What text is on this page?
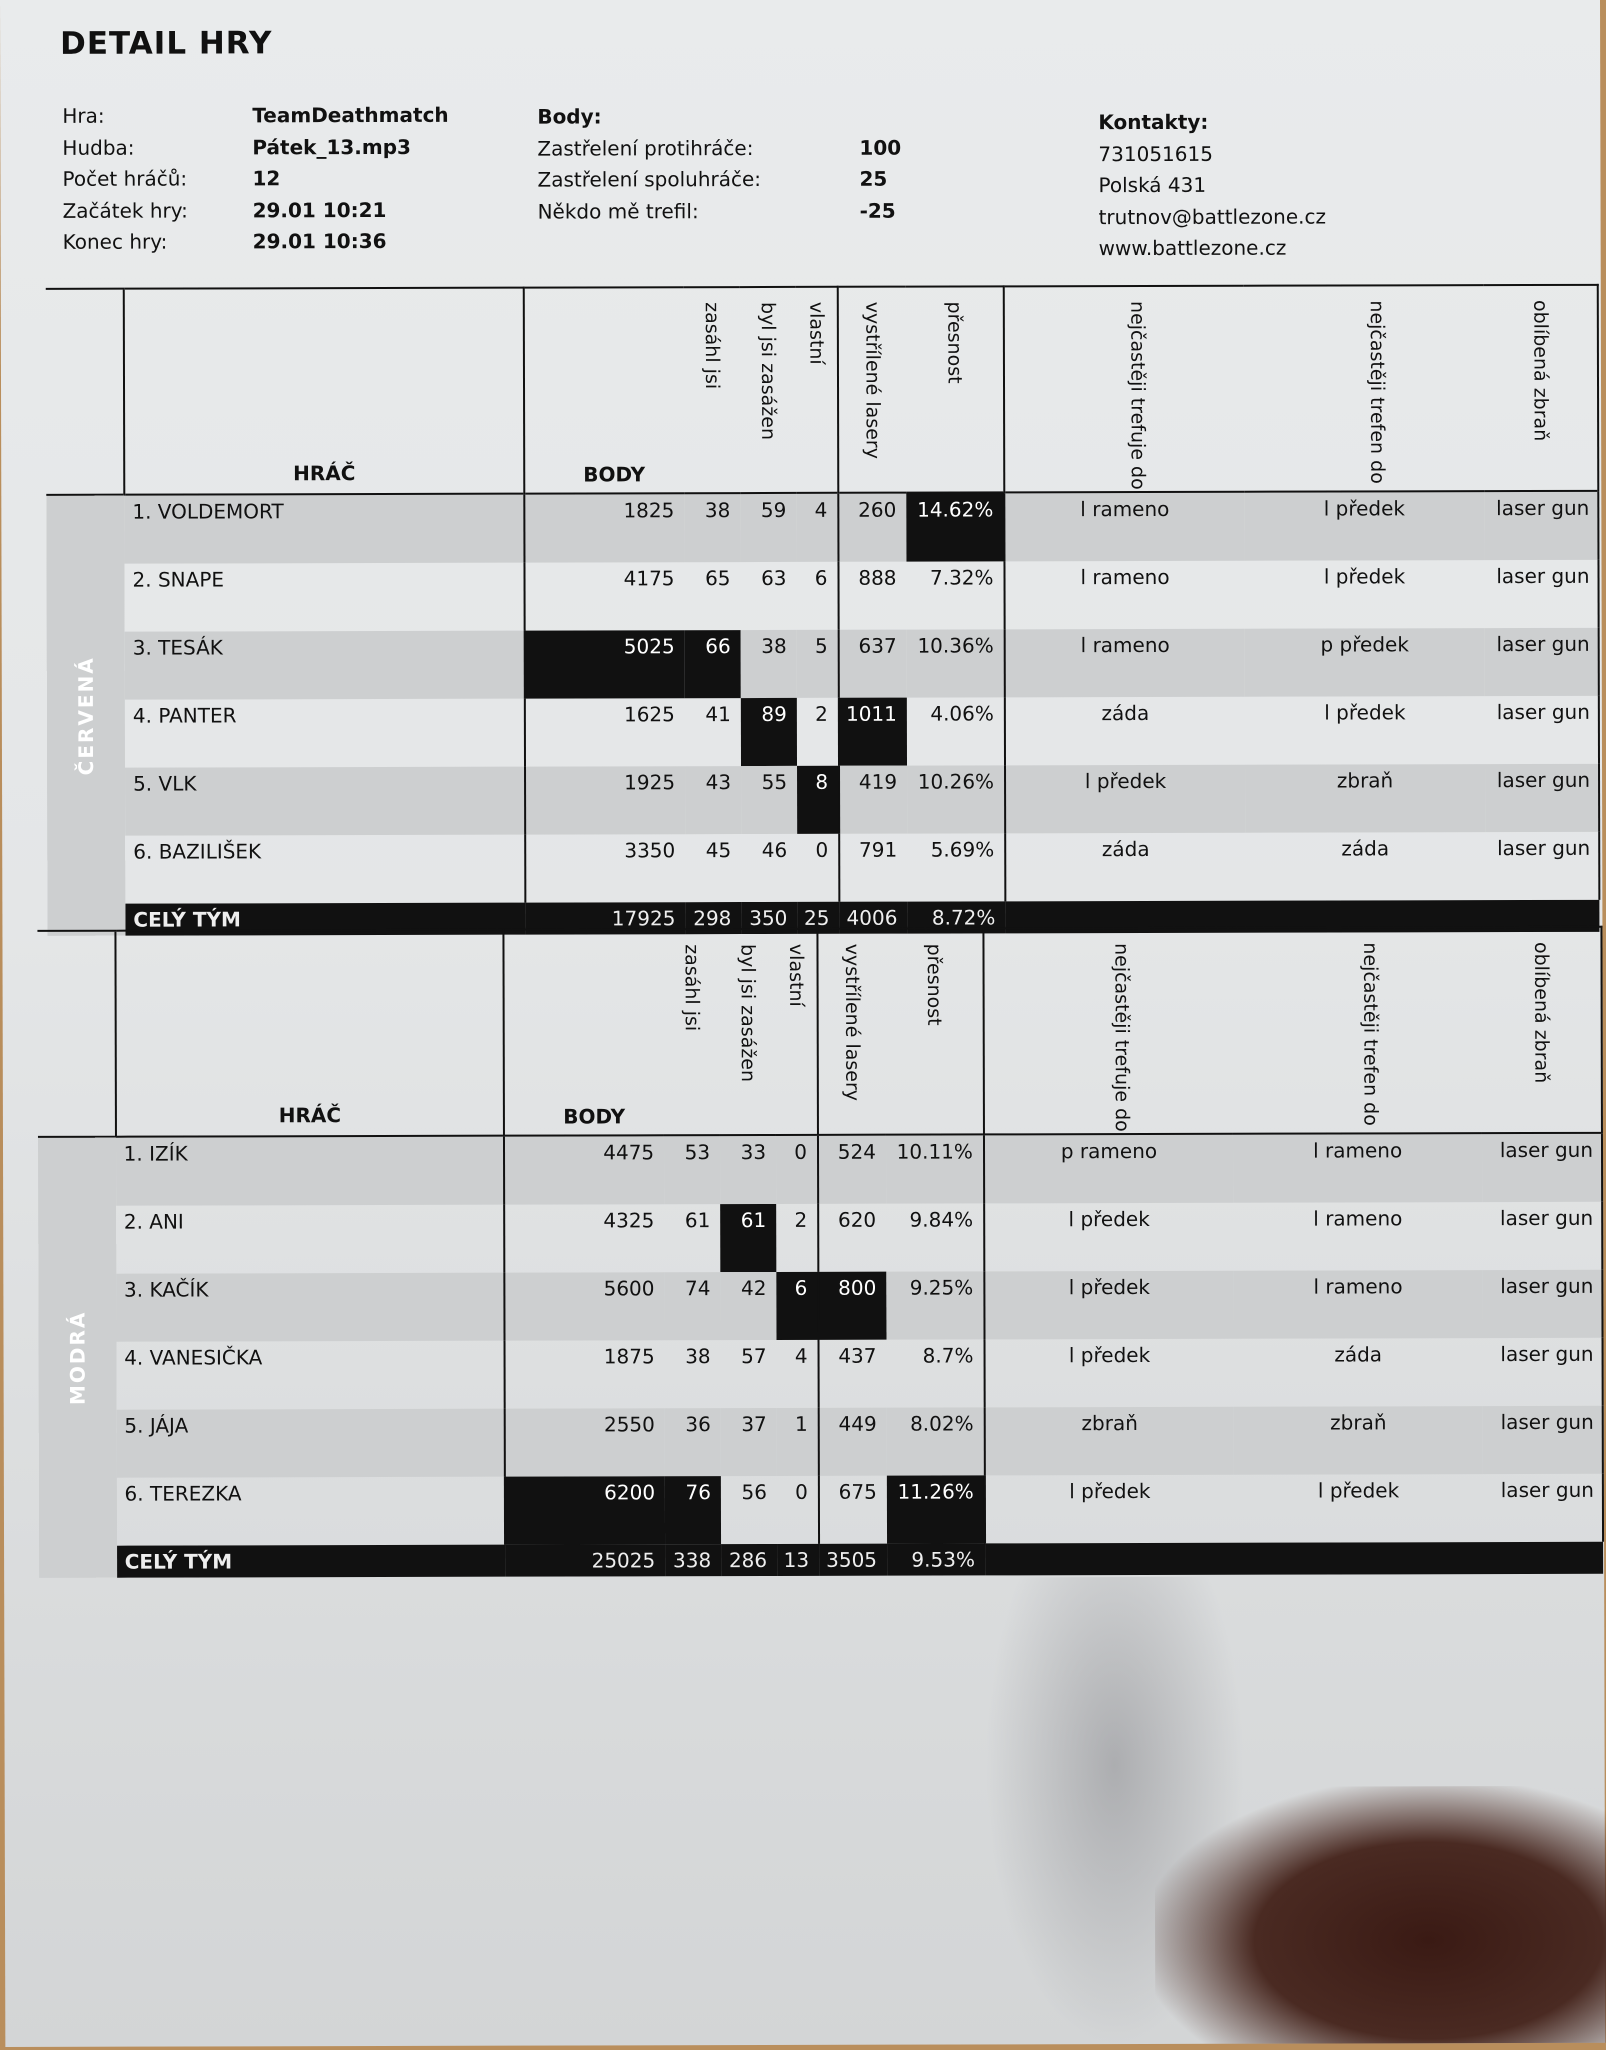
DETAIL HRY
Hra:	TeamDeathmatch
Hudba:	Pátek_13.mp3
Počet hráčů:	12
Začátek hry:	29.01 10:21
Konec hry:	29.01 10:36
Body:
Zastřelení protihráče:	100
Zastřelení spoluhráče:	25
Někdo mě trefil:	-25
Kontakty:
731051615
Polská 431
trutnov@battlezone.cz
www.battlezone.cz
	HRÁČ	BODY	zasáhl jsi	byl jsi zasážen	vlastní	vystřílené lasery	přesnost	nejčastěji trefuje do	nejčastěji trefen do	oblíbená zbraň

ČERVENÁ	1. VOLDEMORT	1825	38	59	4	260	14.62%	l rameno	l předek	laser gun
	2. SNAPE	4175	65	63	6	888	7.32%	l rameno	l předek	laser gun
	3. TESÁK	5025	66	38	5	637	10.36%	l rameno	p předek	laser gun
	4. PANTER	1625	41	89	2	1011	4.06%	záda	l předek	laser gun
	5. VLK	1925	43	55	8	419	10.26%	l předek	zbraň	laser gun
	6. BAZILIŠEK	3350	45	46	0	791	5.69%	záda	záda	laser gun
	CELÝ TÝM	17925	298	350	25	4006	8.72%			
	HRÁČ	BODY	zasáhl jsi	byl jsi zasážen	vlastní	vystřílené lasery	přesnost	nejčastěji trefuje do	nejčastěji trefen do	oblíbená zbraň

MODRÁ	1. IZÍK	4475	53	33	0	524	10.11%	p rameno	l rameno	laser gun
	2. ANI	4325	61	61	2	620	9.84%	l předek	l rameno	laser gun
	3. KAČÍK	5600	74	42	6	800	9.25%	l předek	l rameno	laser gun
	4. VANESIČKA	1875	38	57	4	437	8.7%	l předek	záda	laser gun
	5. JÁJA	2550	36	37	1	449	8.02%	zbraň	zbraň	laser gun
	6. TEREZKA	6200	76	56	0	675	11.26%	l předek	l předek	laser gun
	CELÝ TÝM	25025	338	286	13	3505	9.53%			
